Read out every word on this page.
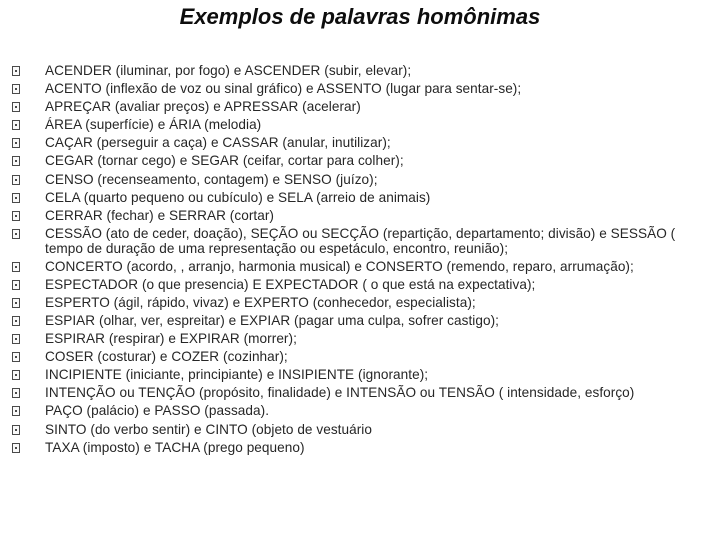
Exemplos de palavras homônimas
ACENDER (iluminar, por fogo) e ASCENDER (subir, elevar);
ACENTO (inflexão de voz ou sinal gráfico) e ASSENTO (lugar para sentar-se);
APREÇAR (avaliar preços) e APRESSAR (acelerar)
ÁREA (superfície) e ÁRIA (melodia)
CAÇAR (perseguir a caça) e CASSAR (anular, inutilizar);
CEGAR (tornar cego) e SEGAR (ceifar, cortar para colher);
CENSO (recenseamento, contagem) e SENSO (juízo);
CELA (quarto pequeno ou cubículo) e SELA (arreio de animais)
CERRAR (fechar) e SERRAR (cortar)
CESSÃO (ato de ceder, doação), SEÇÃO ou SECÇÃO (repartição, departamento; divisão) e SESSÃO ( tempo de duração de uma representação ou espetáculo, encontro, reunião);
CONCERTO (acordo, , arranjo, harmonia musical) e CONSERTO (remendo, reparo, arrumação);
ESPECTADOR (o que presencia) E EXPECTADOR ( o que está na expectativa);
ESPERTO (ágil, rápido, vivaz) e EXPERTO (conhecedor, especialista);
ESPIAR (olhar, ver, espreitar) e EXPIAR (pagar uma culpa, sofrer castigo);
ESPIRAR (respirar) e EXPIRAR (morrer);
COSER (costurar) e COZER (cozinhar);
INCIPIENTE (iniciante, principiante) e INSIPIENTE (ignorante);
INTENÇÃO ou TENÇÃO (propósito, finalidade) e INTENSÃO ou TENSÃO ( intensidade, esforço)
PAÇO (palácio) e PASSO (passada).
SINTO (do verbo sentir) e CINTO (objeto de vestuário
TAXA (imposto) e TACHA (prego pequeno)
